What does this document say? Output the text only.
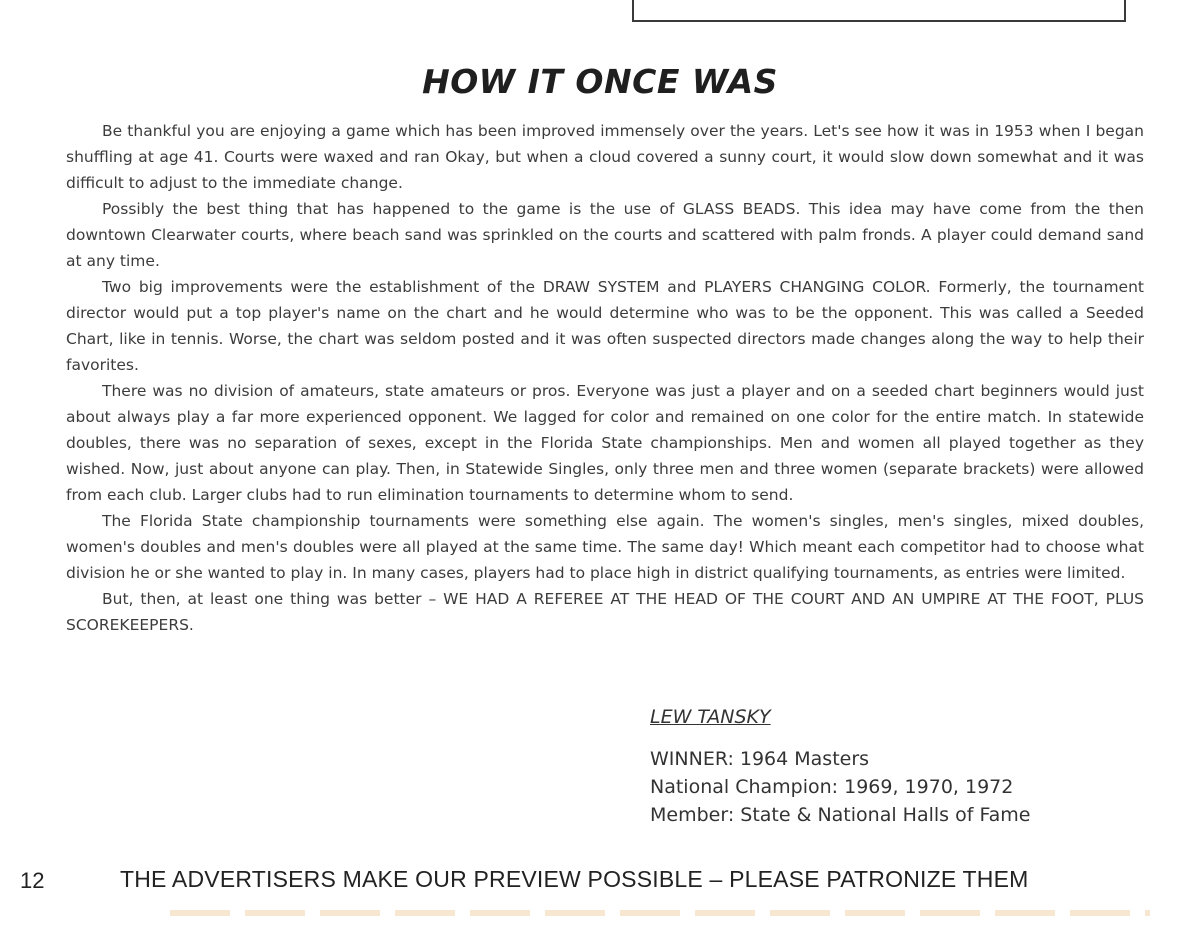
HOW IT ONCE WAS

Be thankful you are enjoying a game which has been improved immensely over the years. Let's see how it was in 1953 when I began shuffling at age 41. Courts were waxed and ran Okay, but when a cloud covered a sunny court, it would slow down somewhat and it was difficult to adjust to the immediate change.

Possibly the best thing that has happened to the game is the use of GLASS BEADS. This idea may have come from the then downtown Clearwater courts, where beach sand was sprinkled on the courts and scattered with palm fronds. A player could demand sand at any time.

Two big improvements were the establishment of the DRAW SYSTEM and PLAYERS CHANGING COLOR. Formerly, the tournament director would put a top player's name on the chart and he would determine who was to be the opponent. This was called a Seeded Chart, like in tennis. Worse, the chart was seldom posted and it was often suspected directors made changes along the way to help their favorites.

There was no division of amateurs, state amateurs or pros. Everyone was just a player and on a seeded chart beginners would just about always play a far more experienced opponent. We lagged for color and remained on one color for the entire match. In statewide doubles, there was no separation of sexes, except in the Florida State championships. Men and women all played together as they wished. Now, just about anyone can play. Then, in Statewide Singles, only three men and three women (separate brackets) were allowed from each club. Larger clubs had to run elimination tournaments to determine whom to send.

The Florida State championship tournaments were something else again. The women's singles, men's singles, mixed doubles, women's doubles and men's doubles were all played at the same time. The same day! Which meant each competitor had to choose what division he or she wanted to play in. In many cases, players had to place high in district qualifying tournaments, as entries were limited.

But, then, at least one thing was better – WE HAD A REFEREE AT THE HEAD OF THE COURT AND AN UMPIRE AT THE FOOT, PLUS SCOREKEEPERS.

LEW TANSKY
WINNER: 1964 Masters
National Champion: 1969, 1970, 1972
Member: State & National Halls of Fame
12	THE ADVERTISERS MAKE OUR PREVIEW POSSIBLE – PLEASE PATRONIZE THEM
